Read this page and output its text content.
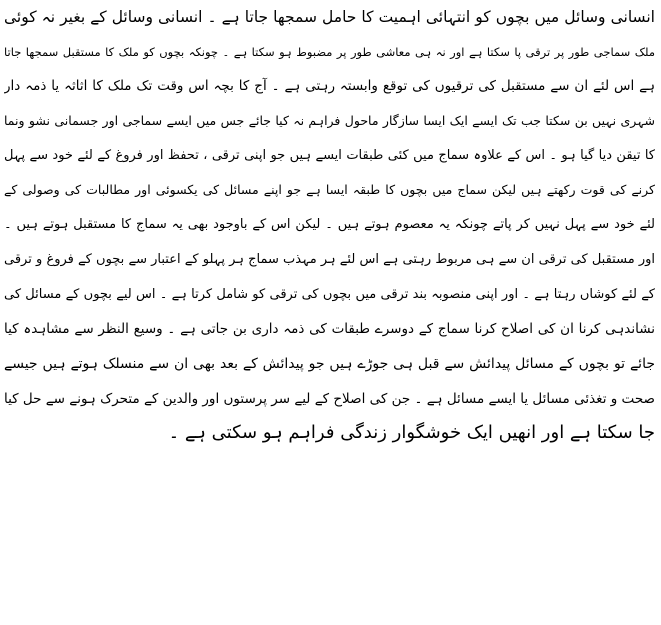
انسانی وسائل میں بچوں کو انتہائی اہمیت کا حامل سمجھا جاتا ہے ۔ انسانی وسائل کے بغیر نہ کوئی
ملک سماجی طور پر ترقی پا سکتا ہے اور نہ ہی معاشی طور پر مضبوط ہو سکتا ہے ۔ چونکہ بچوں کو ملک کا مستقبل سمجھا جاتا
ہے اس لئے ان سے مستقبل کی ترقیوں کی توقع وابستہ رہتی ہے ۔ آج کا بچہ اس وقت تک ملک کا اثاثہ یا ذمہ دار
شہری نہیں بن سکتا جب تک ایسے ایک ایسا سازگار ماحول فراہم نہ کیا جائے جس میں ایسے سماجی اور جسمانی نشو ونما
کا تیقن دیا گیا ہو ۔ اس کے علاوہ سماج میں کئی طبقات ایسے ہیں جو اپنی ترقی ، تحفظ اور فروغ کے لئے خود سے پہل
کرنے کی قوت رکھتے ہیں لیکن سماج میں بچوں کا طبقہ ایسا ہے جو اپنے مسائل کی یکسوئی اور مطالبات کی وصولی کے
لئے خود سے پہل نہیں کر پاتے چونکہ یہ معصوم ہوتے ہیں ۔ لیکن اس کے باوجود بھی یہ سماج کا مستقبل ہوتے ہیں ۔
اور مستقبل کی ترقی ان سے ہی مربوط رہتی ہے اس لئے ہر مہذب سماج ہر پہلو کے اعتبار سے بچوں کے فروغ و ترقی
کے لئے کوشاں رہتا ہے ۔ اور اپنی منصوبہ بند ترقی میں بچوں کی ترقی کو شامل کرتا ہے ۔ اس لیے بچوں کے مسائل کی
نشاندہی کرنا ان کی اصلاح کرنا سماج کے دوسرے طبقات کی ذمہ داری بن جاتی ہے ۔ وسیع النظر سے مشاہدہ کیا
جائے تو بچوں کے مسائل پیدائش سے قبل ہی جوڑے ہیں جو پیدائش کے بعد بھی ان سے منسلک ہوتے ہیں جیسے
صحت و تغذئی مسائل یا ایسے مسائل ہے ۔ جن کی اصلاح کے لیے سر پرستوں اور والدین کے متحرک ہونے سے حل کیا
جا سکتا ہے اور انھیں ایک خوشگوار زندگی فراہم ہو سکتی ہے ۔
